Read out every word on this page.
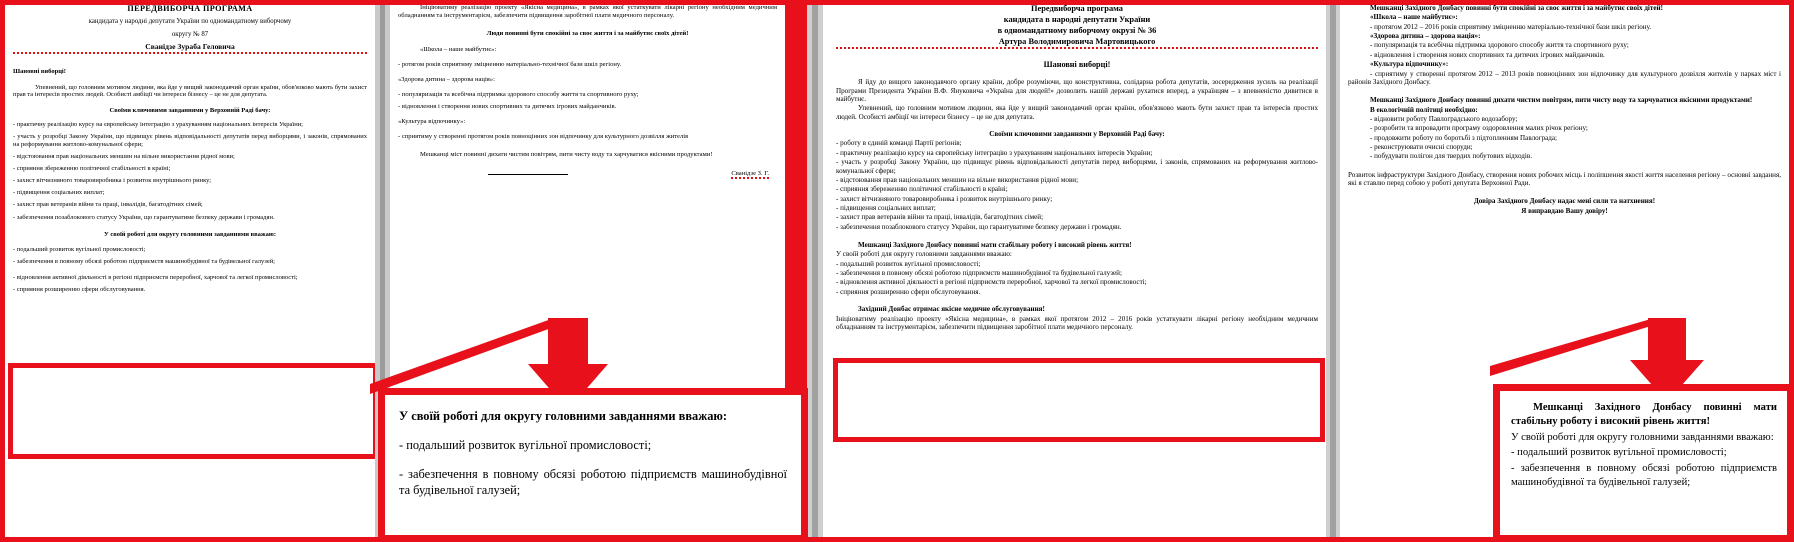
ПЕРЕДВИБОРЧА ПРОГРАМА

кандидата у народні депутати України по одномандатному виборчому

округу № 87

Сванідзе Зураба Геловича

Шановні виборці!

Упевнений, що головним мотивом людини, яка йде у вищий законодавчий орган країни, обов'язково мають бути захист прав та інтересів простих людей. Особисті амбіції чи інтереси бізнесу – це не для депутата.

Своїми ключовими завданнями у Верховній Раді бачу:

- практичну реалізацію курсу на європейську інтеграцію з урахуванням національних інтересів України;

- участь у розробці Закону України, що підвищує рівень відповідальності депутатів перед виборцями, і законів, спрямованих на реформування житлово-комунальної сфери;

- відстоювання прав національних меншин на вільне використання рідної мови;

- сприяння збереженню політичної стабільності в країні;

- захист вітчизняного товаровиробника і розвиток внутрішнього ринку;

- підвищення соціальних виплат;

- захист прав ветеранів війни та праці, інвалідів, багатодітних сімей;

- забезпечення позаблокового статусу України, що гарантуватиме безпеку держави і громадян.

У своїй роботі для округу головними завданнями вважаю:

- подальший розвиток вугільної промисловості;

- забезпечення в повному обсязі роботою підприємств машинобудівної та будівельної галузей;

- відновлення активної діяльності в регіоні підприємств переробної, харчової та легкої промисловості;

- сприяння розширенню сфери обслуговування.

Ініціюватиму реалізацію проекту «Якісна медицина», в рамках якої устаткувати лікарні регіону необхідним медичним обладнанням та інструментарієм, забезпечити підвищення заробітної плати медичного персоналу.

Люди повинні бути спокійні за своє життя і за майбутнє своїх дітей!

«Школа – наше майбутнє»:

- ротягом років сприятиму зміцненню матеріально-технічної бази шкіл регіону.

«Здорова дитина – здорова нація»:

- популяризація та всебічна підтримка здорового способу життя та спортивного руху;

- відновлення і створення нових спортивних та дитячих ігрових майданчиків.

«Культура відпочинку»:

- сприятиму у створенні протягом років повноцінних зон відпочинку для культурного дозвілля жителів

Мешканці міст повинні дихати чистим повітрям, пити чисту воду та харчуватися якісними продуктами!

Сванідзе З. Г.

Передвиборча програма

кандидата в народні депутати України

в одномандатному виборчому окрузі № 36

Артура Володимировича Мартовицького

Шановні виборці!

Я йду до вищого законодавчого органу країни, добре розуміючи, що конструктивна, солідарна робота депутатів, зосередження зусиль на реалізації Програми Президента України В.Ф. Януковича «Україна для людей!» дозволить нашій державі рухатися вперед, а українцям – з впевненістю дивитися в майбутнє.

Упевнений, що головним мотивом людини, яка йде у вищий законодавчий орган країни, обов'язково мають бути захист прав та інтересів простих людей. Особисті амбіції чи інтереси бізнесу – це не для депутата.

Своїми ключовими завданнями у Верховній Раді бачу:

- роботу в єдиній команді Партії регіонів;

- практичну реалізацію курсу на європейську інтеграцію з урахуванням національних інтересів України;

- участь у розробці Закону України, що підвищує рівень відповідальності депутатів перед виборцями, і законів, спрямованих на реформування житлово-комунальної сфери;

- відстоювання прав національних меншин на вільне використання рідної мови;

- сприяння збереженню політичної стабільності в країні;

- захист вітчизняного товаровиробника і розвиток внутрішнього ринку;

- підвищення соціальних виплат;

- захист прав ветеранів війни та праці, інвалідів, багатодітних сімей;

- забезпечення позаблокового статусу України, що гарантуватиме безпеку держави і громадян.

Мешканці Західного Донбасу повинні мати стабільну роботу і високий рівень життя!

У своїй роботі для округу головними завданнями вважаю:

- подальший розвиток вугільної промисловості;

- забезпечення в повному обсязі роботою підприємств машинобудівної та будівельної галузей;

- відновлення активної діяльності в регіоні підприємств переробної, харчової та легкої промисловості;

- сприяння розширенню сфери обслуговування.

Західний Донбас отримає якісне медичне обслуговування!

Ініціюватиму реалізацію проекту «Якісна медицина», в рамках якої протягом 2012 – 2016 років устаткувати лікарні регіону необхідним медичним обладнанням та інструментарієм, забезпечити підвищення заробітної плати медичного персоналу.

Мешканці Західного Донбасу повинні бути спокійні за своє життя і за майбутнє своїх дітей!

«Школа – наше майбутнє»:

- протягом 2012 – 2016 років сприятиму зміцненню матеріально-технічної бази шкіл регіону.

«Здорова дитина – здорова нація»:

- популяризація та всебічна підтримка здорового способу життя та спортивного руху;

- відновлення і створення нових спортивних та дитячих ігрових майданчиків.

«Культура відпочинку»:

- сприятиму у створенні протягом 2012 – 2013 років повноцінних зон відпочинку для культурного дозвілля жителів у парках міст і районів Західного Донбасу.

Мешканці Західного Донбасу повинні дихати чистим повітрям, пити чисту воду та харчуватися якісними продуктами!

В екологічній політиці необхідно:

- відновити роботу Павлоградського водозабору;

- розробити та впровадити програму оздоровлення малих річок регіону;

- продовжити роботу по боротьбі з підтопленням Павлограда;

- реконструювати очисні споруди;

- побудувати полігон для твердих побутових відходів.

Розвиток інфраструктури Західного Донбасу, створення нових робочих місць і поліпшення якості життя населення регіону – основні завдання, які я ставлю перед собою у роботі депутата Верховної Ради.

Довіра Західного Донбасу надає мені сили та натхнення!

Я виправдаю Вашу довіру!

У своїй роботі для округу головними завданнями вважаю:

- подальший розвиток вугільної промисловості;

- забезпечення в повному обсязі роботою підприємств машинобудівної та будівельної галузей;

Мешканці Західного Донбасу повинні мати стабільну роботу і високий рівень життя!

У своїй роботі для округу головними завданнями вважаю:

- подальший розвиток вугільної промисловості;

- забезпечення в повному обсязі роботою підприємств машинобудівної та будівельної галузей;
